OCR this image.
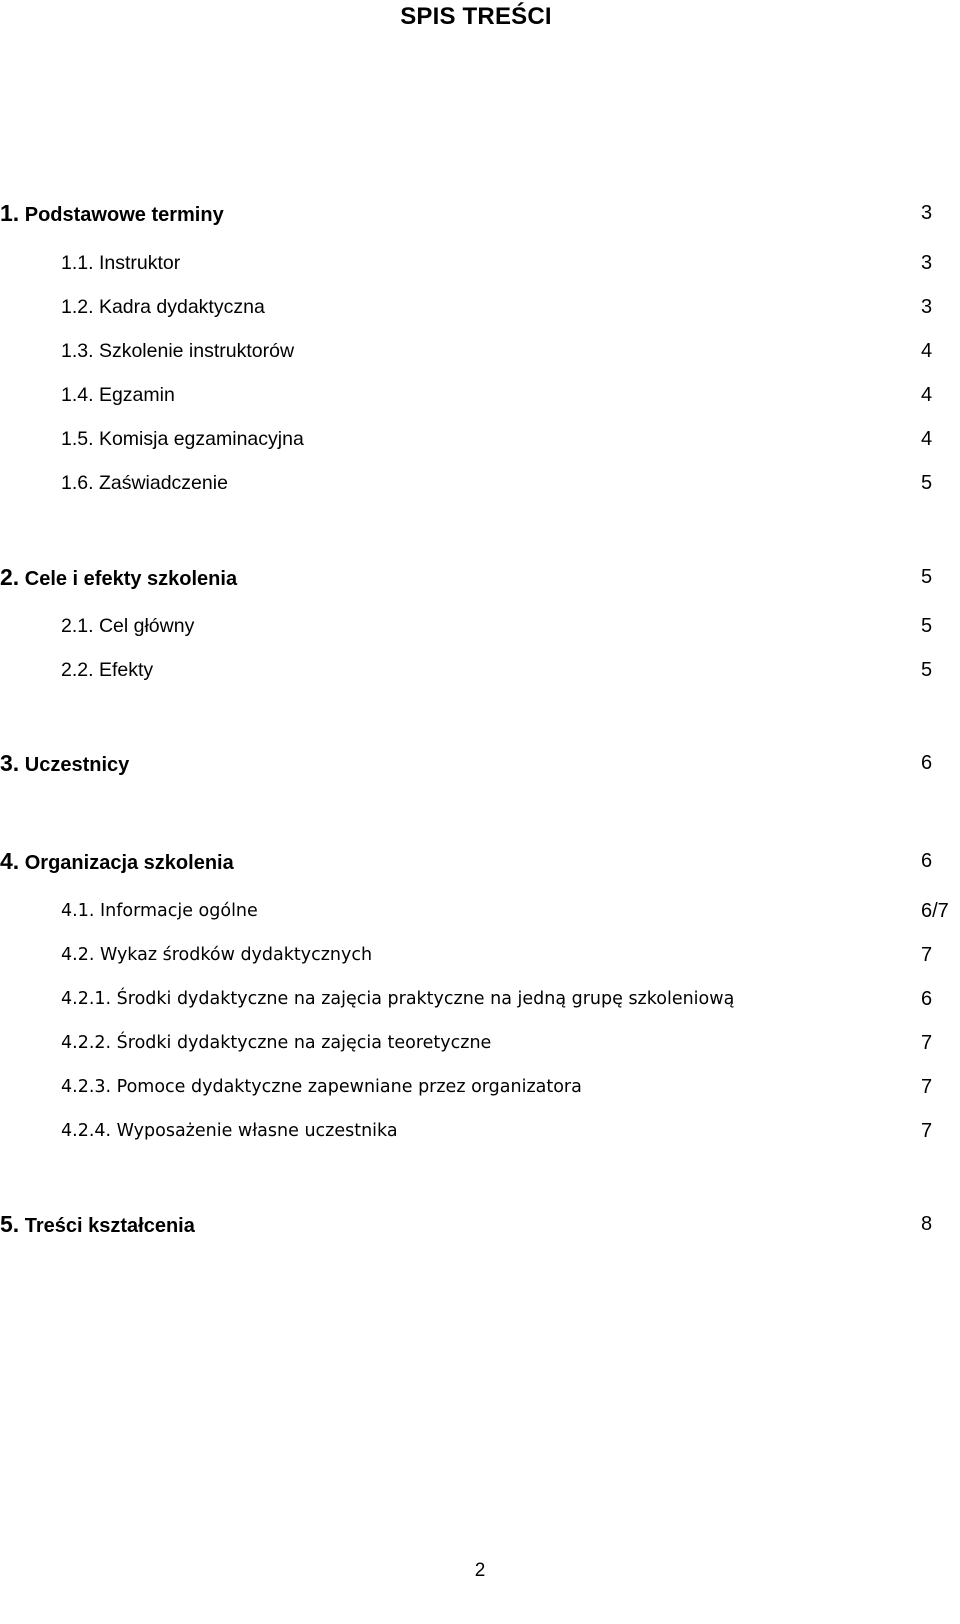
SPIS TREŚCI
1. Podstawowe terminy	3
1.1. Instruktor	3
1.2. Kadra dydaktyczna	3
1.3. Szkolenie instruktorów	4
1.4. Egzamin	4
1.5. Komisja egzaminacyjna	4
1.6. Zaświadczenie	5
2. Cele i efekty szkolenia	5
2.1. Cel główny	5
2.2. Efekty	5
3. Uczestnicy	6
4. Organizacja szkolenia	6
4.1. Informacje ogólne	6/7
4.2. Wykaz środków dydaktycznych	7
4.2.1. Środki dydaktyczne na zajęcia praktyczne na jedną grupę szkoleniową	6
4.2.2. Środki dydaktyczne na zajęcia teoretyczne	7
4.2.3. Pomoce dydaktyczne zapewniane przez organizatora	7
4.2.4. Wyposażenie własne uczestnika	7
5. Treści kształcenia	8
2
